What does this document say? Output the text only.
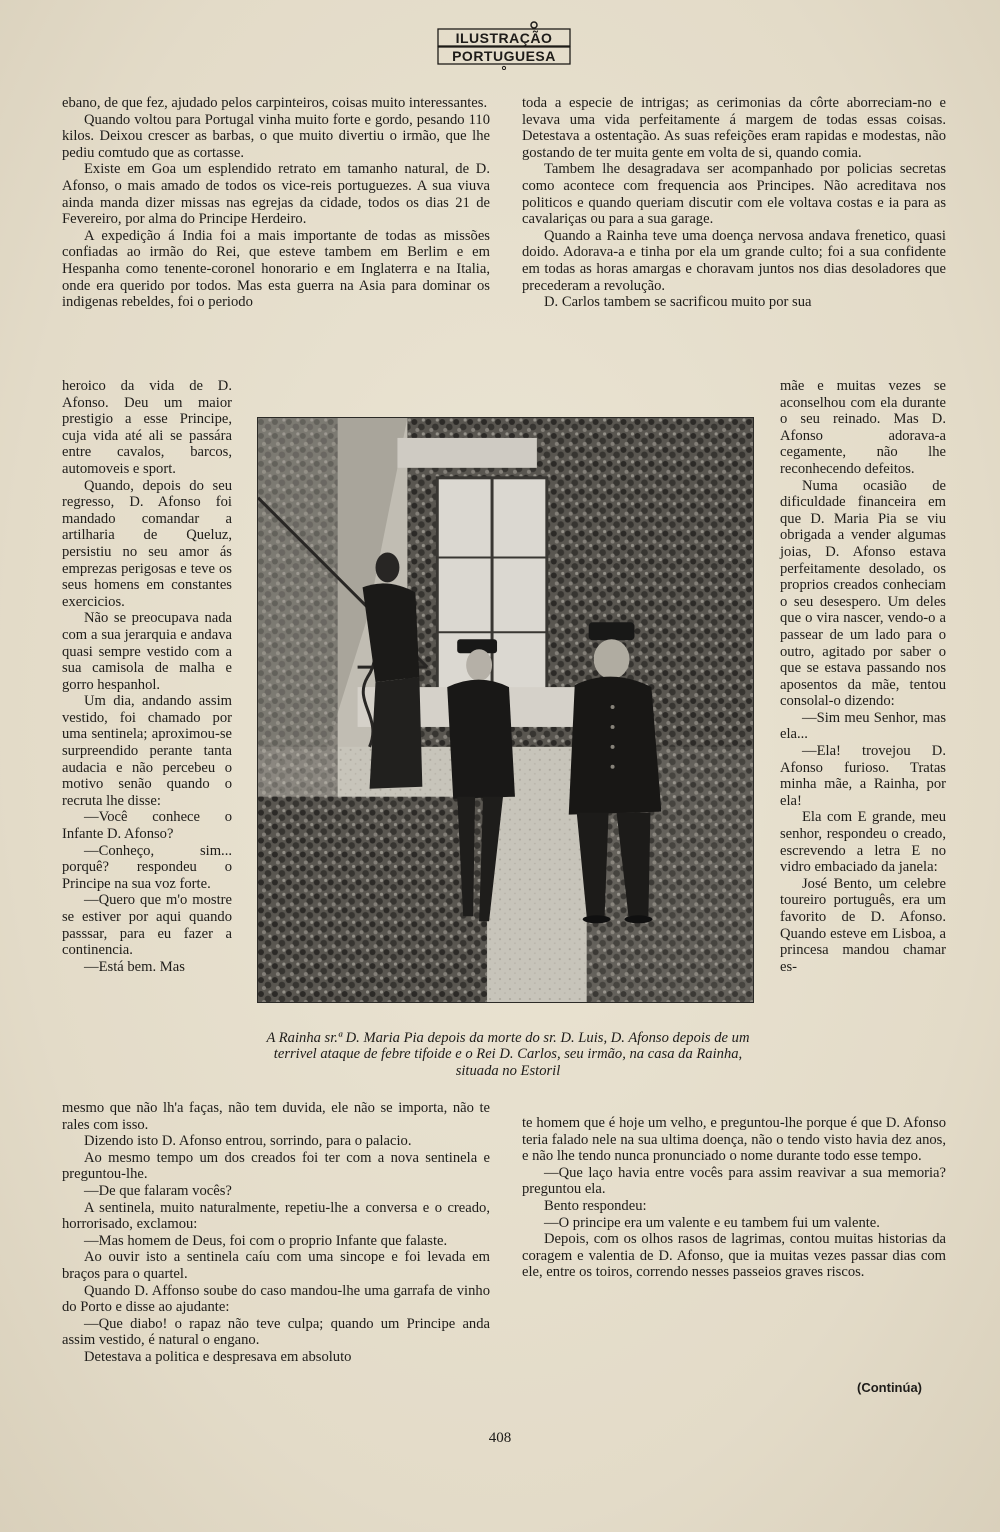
ILUSTRAÇÃO
PORTUGUESA

ebano, de que fez, ajudado pelos carpinteiros, coisas muito interessantes.

Quando voltou para Portugal vinha muito forte e gordo, pesando 110 kilos. Deixou crescer as barbas, o que muito divertiu o irmão, que lhe pediu comtudo que as cortasse.

Existe em Goa um esplendido retrato em tamanho natural, de D. Afonso, o mais amado de todos os vice-reis portuguezes. A sua viuva ainda manda dizer missas nas egrejas da cidade, todos os dias 21 de Fevereiro, por alma do Principe Herdeiro.

A expedição á India foi a mais importante de todas as missões confiadas ao irmão do Rei, que esteve tambem em Berlim e em Hespanha como tenente-coronel honorario e em Inglaterra e na Italia, onde era querido por todos. Mas esta guerra na Asia para dominar os indigenas rebeldes, foi o periodo

heroico da vida de D. Afonso. Deu um maior prestigio a esse Principe, cuja vida até ali se passára entre cavalos, barcos, automoveis e sport.

Quando, depois do seu regresso, D. Afonso foi mandado comandar a artilharia de Queluz, persistiu no seu amor ás emprezas perigosas e teve os seus homens em constantes exercicios.

Não se preocupava nada com a sua jerarquia e andava quasi sempre vestido com a sua camisola de malha e gorro hespanhol.

Um dia, andando assim vestido, foi chamado por uma sentinela; aproximou-se surpreendido perante tanta audacia e não percebeu o motivo senão quando o recruta lhe disse:

—Você conhece o Infante D. Afonso?

—Conheço, sim... porquê? respondeu o Principe na sua voz forte.

—Quero que m'o mostre se estiver por aqui quando passsar, para eu fazer a continencia.

—Está bem. Mas

A Rainha sr.ª D. Maria Pia depois da morte do sr. D. Luis, D. Afonso depois de um terrivel ataque de febre tifoide e o Rei D. Carlos, seu irmão, na casa da Rainha, situada no Estoril

mesmo que não lh'a faças, não tem duvida, ele não se importa, não te rales com isso.

Dizendo isto D. Afonso entrou, sorrindo, para o palacio.

Ao mesmo tempo um dos creados foi ter com a nova sentinela e preguntou-lhe.

—De que falaram vocês?

A sentinela, muito naturalmente, repetiu-lhe a conversa e o creado, horrorisado, exclamou:

—Mas homem de Deus, foi com o proprio Infante que falaste.

Ao ouvir isto a sentinela caíu com uma sincope e foi levada em braços para o quartel.

Quando D. Affonso soube do caso mandou-lhe uma garrafa de vinho do Porto e disse ao ajudante:

—Que diabo! o rapaz não teve culpa; quando um Principe anda assim vestido, é natural o engano.

Detestava a politica e despresava em absoluto

toda a especie de intrigas; as cerimonias da côrte aborreciam-no e levava uma vida perfeitamente á margem de todas essas coisas. Detestava a ostentação. As suas refeições eram rapidas e modestas, não gostando de ter muita gente em volta de si, quando comia.

Tambem lhe desagradava ser acompanhado por policias secretas como acontece com frequencia aos Principes. Não acreditava nos politicos e quando queriam discutir com ele voltava costas e ia para as cavalariças ou para a sua garage.

Quando a Rainha teve uma doença nervosa andava frenetico, quasi doido. Adorava-a e tinha por ela um grande culto; foi a sua confidente em todas as horas amargas e choravam juntos nos dias desoladores que precederam a revolução.

D. Carlos tambem se sacrificou muito por sua

mãe e muitas vezes se aconselhou com ela durante o seu reinado. Mas D. Afonso adorava-a cegamente, não lhe reconhecendo defeitos.

Numa ocasião de dificuldade financeira em que D. Maria Pia se viu obrigada a vender algumas joias, D. Afonso estava perfeitamente desolado, os proprios creados conheciam o seu desespero. Um deles que o vira nascer, vendo-o a passear de um lado para o outro, agitado por saber o que se estava passando nos aposentos da mãe, tentou consolal-o dizendo:

—Sim meu Senhor, mas ela...

—Ela! trovejou D. Afonso furioso. Tratas minha mãe, a Rainha, por ela!

Ela com E grande, meu senhor, respondeu o creado, escrevendo a letra E no vidro embaciado da janela:

José Bento, um celebre toureiro português, era um favorito de D. Afonso. Quando esteve em Lisboa, a princesa mandou chamar es-

te homem que é hoje um velho, e preguntou-lhe porque é que D. Afonso teria falado nele na sua ultima doença, não o tendo visto havia dez anos, e não lhe tendo nunca pronunciado o nome durante todo esse tempo.

—Que laço havia entre vocês para assim reavivar a sua memoria? preguntou ela.

Bento respondeu:

—O principe era um valente e eu tambem fui um valente.

Depois, com os olhos rasos de lagrimas, contou muitas historias da coragem e valentia de D. Afonso, que ia muitas vezes passar dias com ele, entre os toiros, correndo nesses passeios graves riscos.

(Continúa)
408
